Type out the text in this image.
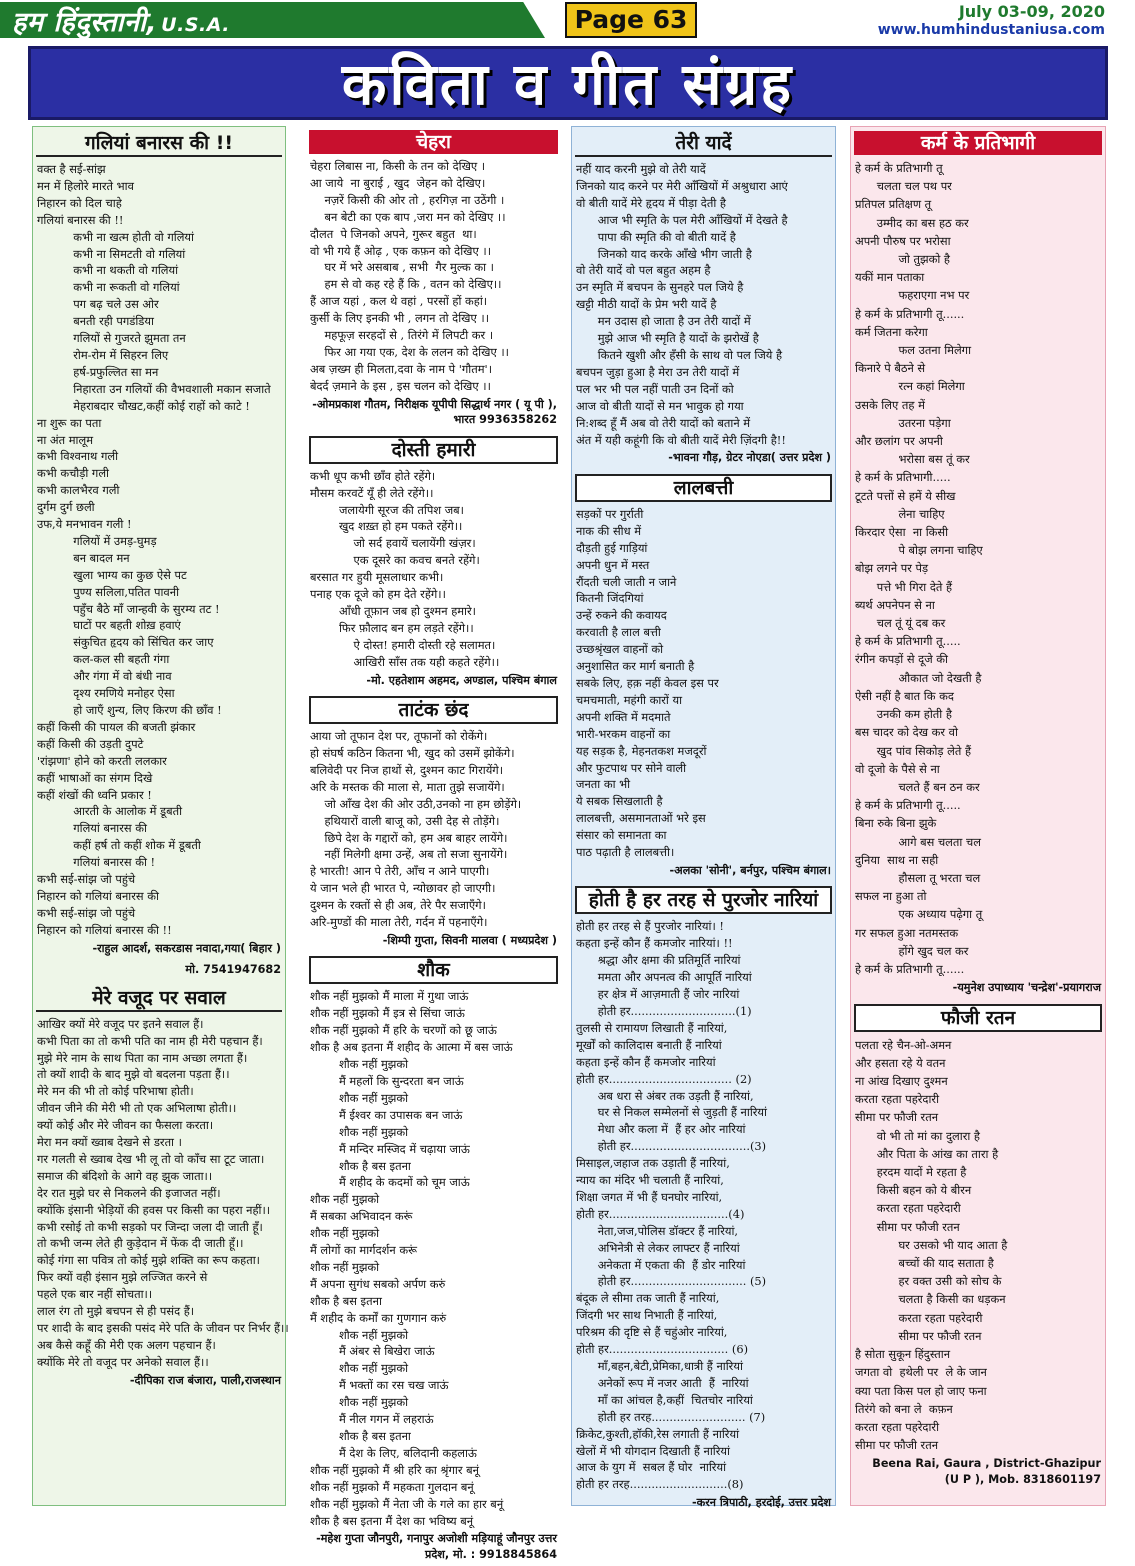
हम हिंदुस्तानी, U.S.A.	Page 63	July 03-09, 2020
www.humhindustaniusa.com
कविता व गीत संग्रह
गलियां बनारस की !!
वक्त है सई-सांझ
मन में हिलोरे मारते भाव
निहारन को दिल चाहे
गलियां बनारस की !!
कभी ना खत्म होती वो गलियां
कभी ना सिमटती वो गलियां
कभी ना थकती वो गलियां
कभी ना रूकती वो गलियां
पग बढ़ चले उस ओर
बनती रही पगडंडिया
गलियों से गुजरते झुमता तन
रोम-रोम में सिहरन लिए
हर्ष-प्रफुल्लित सा मन
निहारता उन गलियों की वैभवशाली मकान सजाते
मेहराबदार चौखट,कहीं कोई राहों को काटे !
ना शुरू का पता
ना अंत मालूम
कभी विश्वनाथ गली
कभी कचौड़ी गली
कभी कालभैरव गली
दुर्गम दुर्ग छली
उफ,ये मनभावन गली !
गलियों में उमड़-घुमड़
बन बादल मन
खुला भाग्य का कुछ ऐसे पट
पुण्य सलिला,पतित पावनी
पहुँच बैठे माँ जान्हवी के सुरम्य तट !
घाटों पर बहती शोख़ हवाएं
संकुचित हृदय को सिंचित कर जाए
कल-कल सी बहती गंगा
और गंगा में वो बंधी नाव
दृश्य रमणिये मनोहर ऐसा
हो जाएँ शुन्य, लिए किरण की छाँव !
कहीं किसी की पायल की बजती झंकार
कहीं किसी की उड़ती दुपटे
'रांझणा' होने को करती ललकार
कहीं भाषाओं का संगम दिखे
कहीं शंखों की ध्वनि प्रकार !
आरती के आलोक में डूबती
गलियां बनारस की
कहीं हर्ष तो कहीं शोक में डूबती
गलियां बनारस की !
कभी सई-सांझ जो पहुंचे
निहारन को गलियां बनारस की
कभी सई-सांझ जो पहुंचे
निहारन को गलियां बनारस की !!
-राहुल आदर्श, सकरडास नवादा,गया( बिहार )
मो. 7541947682
मेरे वजूद पर सवाल
आखिर क्यों मेरे वजूद पर इतने सवाल हैं।
कभी पिता का तो कभी पति का नाम ही मेरी पहचान हैं।
मुझे मेरे नाम के साथ पिता का नाम अच्छा लगता हैं।
तो क्यों शादी के बाद मुझे वो बदलना पड़ता हैं।।
मेरे मन की भी तो कोई परिभाषा होती।
जीवन जीने की मेरी भी तो एक अभिलाषा होती।।
क्यों कोई और मेरे जीवन का फैसला करता।
मेरा मन क्यों ख्वाब देखने से डरता ।
गर गलती से ख्वाब देख भी लू तो वो काँच सा टूट जाता।
समाज की बंदिशो के आगे वह झुक जाता।।
देर रात मुझे घर से निकलने की इजाजत नहीं।
क्योंकि इंसानी भेड़ियों की हवस पर किसी का पहरा नहीं।।
कभी रसोई तो कभी सड़को पर जिन्दा जला दी जाती हूँ।
तो कभी जन्म लेते ही कुड़ेदान में फेंक दी जाती हूँ।।
कोई गंगा सा पवित्र तो कोई मुझे शक्ति का रूप कहता।
फिर क्यों वही इंसान मुझे लज्जित करने से
पहले एक बार नहीं सोचता।।
लाल रंग तो मुझे बचपन से ही पसंद हैं।
पर शादी के बाद इसकी पसंद मेरे पति के जीवन पर निर्भर हैं।।
अब कैसे कहूँ की मेरी एक अलग पहचान हैं।
क्योंकि मेरे तो वजूद पर अनेको सवाल हैं।।
-दीपिका राज बंजारा, पाली,राजस्थान
चेहरा
चेहरा लिबास ना, किसी के तन को देखिए ।
आ जाये  ना बुराई , खुद  जेहन को देखिए।
नज़रें किसी की ओर तो , हरगिज़ ना उठेंगी ।
बन बेटी का एक बाप ,जरा मन को देखिए ।।
दौलत  पे जिनको अपने, गुरूर बहुत  था।
वो भी गये हैं ओढ़ , एक कफ़न को देखिए ।।
घर में भरे असबाब , सभी  गैर मुल्क का ।
हम से वो कह रहे हैं कि , वतन को देखिए।।
हैं आज यहां , कल थे वहां , परसों हों कहां।
कुर्सी के लिए इनकी भी , लगन तो देखिए ।।
महफूज़ सरहदों से , तिरंगे में लिपटी कर ।
फिर आ गया एक, देश के ललन को देखिए ।।
अब ज़ख्म ही मिलता,दवा के नाम पे 'गौतम'।
बेदर्द ज़माने के इस , इस चलन को देखिए ।।
-ओमप्रकाश गौतम, निरीक्षक यूपीपी सिद्धार्थ नगर ( यू पी ), भारत 9936358262
दोस्ती हमारी
कभी धूप कभी छाँव होते रहेंगे।
मौसम करवटें यूँ ही लेते रहेंगे।।
जलायेगी सूरज की तपिश जब।
खुद शख़्त हो हम पकते रहेंगे।।
जो सर्द हवायें चलायेंगी खंज़र।
एक दूसरे का कवच बनते रहेंगे।
बरसात गर हुयी मूसलाधार कभी।
पनाह एक दूजे को हम देते रहेंगे।।
आँधी तूफ़ान जब हो दुश्मन हमारे।
फिर फ़ौलाद बन हम लड़ते रहेंगे।।
ऐ दोस्त! हमारी दोस्ती रहे सलामत।
आखिरी साँस तक यही कहते रहेंगे।।
-मो. एहतेशाम अहमद, अण्डाल, पश्चिम बंगाल
ताटंक छंद
आया जो तूफान देश पर, तूफानों को रोकेंगे।
हो संघर्ष कठिन कितना भी, खुद को उसमें झोकेंगे।
बलिवेदी पर निज हाथों से, दुश्मन काट गिरायेंगे।
अरि के मस्तक की माला से, माता तुझे सजायेंगे।
जो आँख देश की ओर उठी,उनको ना हम छोड़ेंगे।
हथियारों वाली बाजू को, उसी देह से तोड़ेंगे।
छिपे देश के गद्दारों को, हम अब बाहर लायेंगे।
नहीं मिलेगी क्षमा उन्हें, अब तो सजा सुनायेंगे।
हे भारती! आन पे तेरी, आँच न आने पाएगी।
ये जान भले ही भारत पे, न्योछावर हो जाएगी।
दुश्मन के रक्तों से ही अब, तेरे पैर सजाएँगे।
अरि-मुण्डों की माला तेरी, गर्दन में पहनाएँगे।
-शिम्पी गुप्ता, सिवनी मालवा ( मध्यप्रदेश )
शौक
शौक नहीं मुझको मैं माला में गुथा जाऊं
शौक नहीं मुझको मैं इत्र से सिंचा जाऊं
शौक नहीं मुझको मैं हरि के चरणों को छू जाऊं
शौक है अब इतना मैं शहीद के आत्मा में बस जाऊं
शौक नहीं मुझको
मैं महलों कि सुन्दरता बन जाऊं
शौक नहीं मुझको
मैं ईश्वर का उपासक बन जाऊं
शौक नहीं मुझको
मैं मन्दिर मस्जिद में चढ़ाया जाऊं
शौक है बस इतना
मैं शहीद के कदमों को चूम जाऊं
शौक नहीं मुझको
मैं सबका अभिवादन करूं
शौक नहीं मुझको
मैं लोगों का मार्गदर्शन करूं
शौक नहीं मुझको
मैं अपना सुगंध सबको अर्पण करुं
शौक है बस इतना
मैं शहीद के कर्मों का गुणगान करुं
शौक नहीं मुझको
मैं अंबर से बिखेरा जाऊं
शौक नहीं मुझको
मैं भक्तों का रस चख जाऊं
शौक नहीं मुझको
मैं नील गगन में लहराऊं
शौक है बस इतना
मैं देश के लिए, बलिदानी कहलाऊं
शौक नहीं मुझको मैं श्री हरि का श्रृंगार बनूं
शौक नहीं मुझको मैं महकता गुलदान बनूं
शौक नहीं मुझको मैं नेता जी के गले का हार बनूं
शौक है बस इतना मैं देश का भविष्य बनूं
-महेश गुप्ता जौनपुरी, गनापुर अजोशी मड़ियाहूं जौनपुर उत्तर प्रदेश, मो. : 9918845864
तेरी यादें
नहीं याद करनी मुझे वो तेरी यादें
जिनको याद करने पर मेरी आँखियों में अश्रुधारा आएं
वो बीती यादें मेरे हृदय में पीड़ा देती है
आज भी स्मृति के पल मेरी आँखियों में देखते है
पापा की स्मृति की वो बीती यादें है
जिनको याद करके आँखे भीग जाती है
वो तेरी यादें वो पल बहुत अहम है
उन स्मृति में बचपन के सुनहरे पल जिये है
खट्टी मीठी यादों के प्रेम भरी यादें है
मन उदास हो जाता है उन तेरी यादों में
मुझे आज भी स्मृति है यादों के झरोखें है
कितने खुशी और हँसी के साथ वो पल जिये है
बचपन जुड़ा हुआ है मेरा उन तेरी यादों में
पल भर भी पल नहीं पाती उन दिनों को
आज वो बीती यादों से मन भावुक हो गया
नि:शब्द हूँ मैं अब वो तेरी यादों को बताने में
अंत में यही कहूंगी कि वो बीती यादें मेरी ज़िंदगी है!!
-भावना गौड़, ग्रेटर नोएडा( उत्तर प्रदेश )
लालबत्ती
सड़कों पर गुर्राती
नाक की सीध में
दौड़ती हुई गाड़ियां
अपनी धुन में मस्त
रौंदती चली जाती न जाने
कितनी जिंदगियां
उन्हें रुकने की कवायद
करवाती है लाल बत्ती
उच्छश्रृंखल वाहनों को
अनुशासित कर मार्ग बनाती है
सबके लिए, हक़ नहीं केवल इस पर
चमचमाती, महंगी कारों या
अपनी शक्ति में मदमाते
भारी-भरकम वाहनों का
यह सड़क है, मेहनतकश मजदूरों
और फुटपाथ पर सोने वाली
जनता का भी
ये सबक सिखलाती है
लालबत्ती, असमानताओं भरे इस
संसार को समानता का
पाठ पढ़ाती है लालबत्ती।
-अलका 'सोनी', बर्नपुर, पश्चिम बंगाल।
होती है हर तरह से पुरजोर नारियां
होती हर तरह से हैं पुरजोर नारियां। !
कहता इन्हें कौन हैं कमजोर नारियां। !!
श्रद्धा और क्षमा की प्रतिमूर्ति नारियां
ममता और अपनत्व की आपूर्ति नारियां
हर क्षेत्र में आज़माती हैं जोर नारियां
होती हर.............................(1)
तुलसी से रामायण लिखाती हैं नारियां,
मूर्खों को कालिदास बनाती हैं नारियां
कहता इन्हें कौन हैं कमजोर नारियां
होती हर.................................. (2)
अब धरा से अंबर तक उड़ती हैं नारियां,
घर से निकल सम्मेलनों से जुड़ती हैं नारियां
मेधा और कला में  हैं हर ओर नारियां
होती हर.................................(3)
मिसाइल,जहाज तक उड़ाती हैं नारियां,
न्याय का मंदिर भी चलाती हैं नारियां,
शिक्षा जगत में भी हैं घनघोर नारियां,
होती हर.................................(4)
नेता,जज,पोलिस डॉक्टर हैं नारियां,
अभिनेत्री से लेकर लाफ्टर हैं नारियां
अनेकता में एकता की  हैं डोर नारियां
होती हर................................ (5)
बंदूक ले सीमा तक जाती हैं नारियां,
जिंदगी भर साथ निभाती हैं नारियां,
परिश्रम की दृष्टि से हैं चहुंओर नारियां,
होती हर................................. (6)
माँ,बहन,बेटी,प्रेमिका,धात्री हैं नारियां
अनेकों रूप में नजर आती  हैं  नारियां
माँ का आंचल है,कहीं  चितचोर नारियां
होती हर तरह.......................... (7)
क्रिकेट,कुश्ती,हॉकी,रेस लगाती हैं नारियां
खेलों में भी योगदान दिखाती हैं नारियां
आज के युग में  सबल हैं घोर  नारियां
होती हर तरह...........................(8)
-करन त्रिपाठी, हरदोई, उत्तर प्रदेश
कर्म के प्रतिभागी
हे कर्म के प्रतिभागी तू
चलता चल पथ पर
प्रतिपल प्रतिक्षण तू
उम्मीद का बस हठ कर
अपनी पौरुष पर भरोसा
जो तुझको है
यकीं मान पताका
फहराएगा नभ पर
हे कर्म के प्रतिभागी तू......
कर्म जितना करेगा
फल उतना मिलेगा
किनारे पे बैठने से
रत्न कहां मिलेगा
उसके लिए तह में
उतरना पड़ेगा
और छलांग पर अपनी
भरोसा बस तूं कर
हे कर्म के प्रतिभागी.....
टूटते पत्तों से हमें ये सीख
लेना चाहिए
किरदार ऐसा  ना किसी
पे बोझ लगना चाहिए
बोझ लगने पर पेड़
पत्ते भी गिरा देते हैं
ब्यर्थ अपनेपन से ना
चल तूं यूं दब कर
हे कर्म के प्रतिभागी तू.....
रंगीन कपड़ों से दूजे की
औकात जो देखती है
ऐसी नहीं है बात कि कद
उनकी कम होती है
बस चादर को देख कर वो
खुद पांव सिकोड़ लेते हैं
वो दूजो के पैसे से ना
चलते हैं बन ठन कर
हे कर्म के प्रतिभागी तू.....
बिना रुके बिना झुके
आगे बस चलता चल
दुनिया  साथ ना सही
हौसला तू भरता चल
सफल ना हुआ तो
एक अध्याय पढ़ेगा तू
गर सफल हुआ नतमस्तक
होंगे खुद चल कर
हे कर्म के प्रतिभागी तू......
-यमुनेश उपाध्याय 'चन्द्रेश'-प्रयागराज
फौजी रतन
पलता रहे चैन-ओ-अमन
और हसता रहे ये वतन
ना आंख दिखाए दुश्मन
करता रहता पहरेदारी
सीमा पर फौजी रतन
वो भी तो मां का दुलारा है
और पिता के आंख का तारा है
हरदम यादों मे रहता है
किसी बहन को ये बीरन
करता रहता पहरेदारी
सीमा पर फौजी रतन
घर उसको भी याद आता है
बच्चों की याद सताता है
हर वक्त उसी को सोच के
चलता है किसी का धड़कन
करता रहता पहरेदारी
सीमा पर फौजी रतन
है सोता सुकून हिंदुस्तान
जगता वो  हथेली पर  ले के जान
क्या पता किस पल हो जाए फना
तिरंगे को बना ले  कफ़न
करता रहता पहरेदारी
सीमा पर फौजी रतन
Beena Rai, Gaura , District-Ghazipur (U P ), Mob. 8318601197
